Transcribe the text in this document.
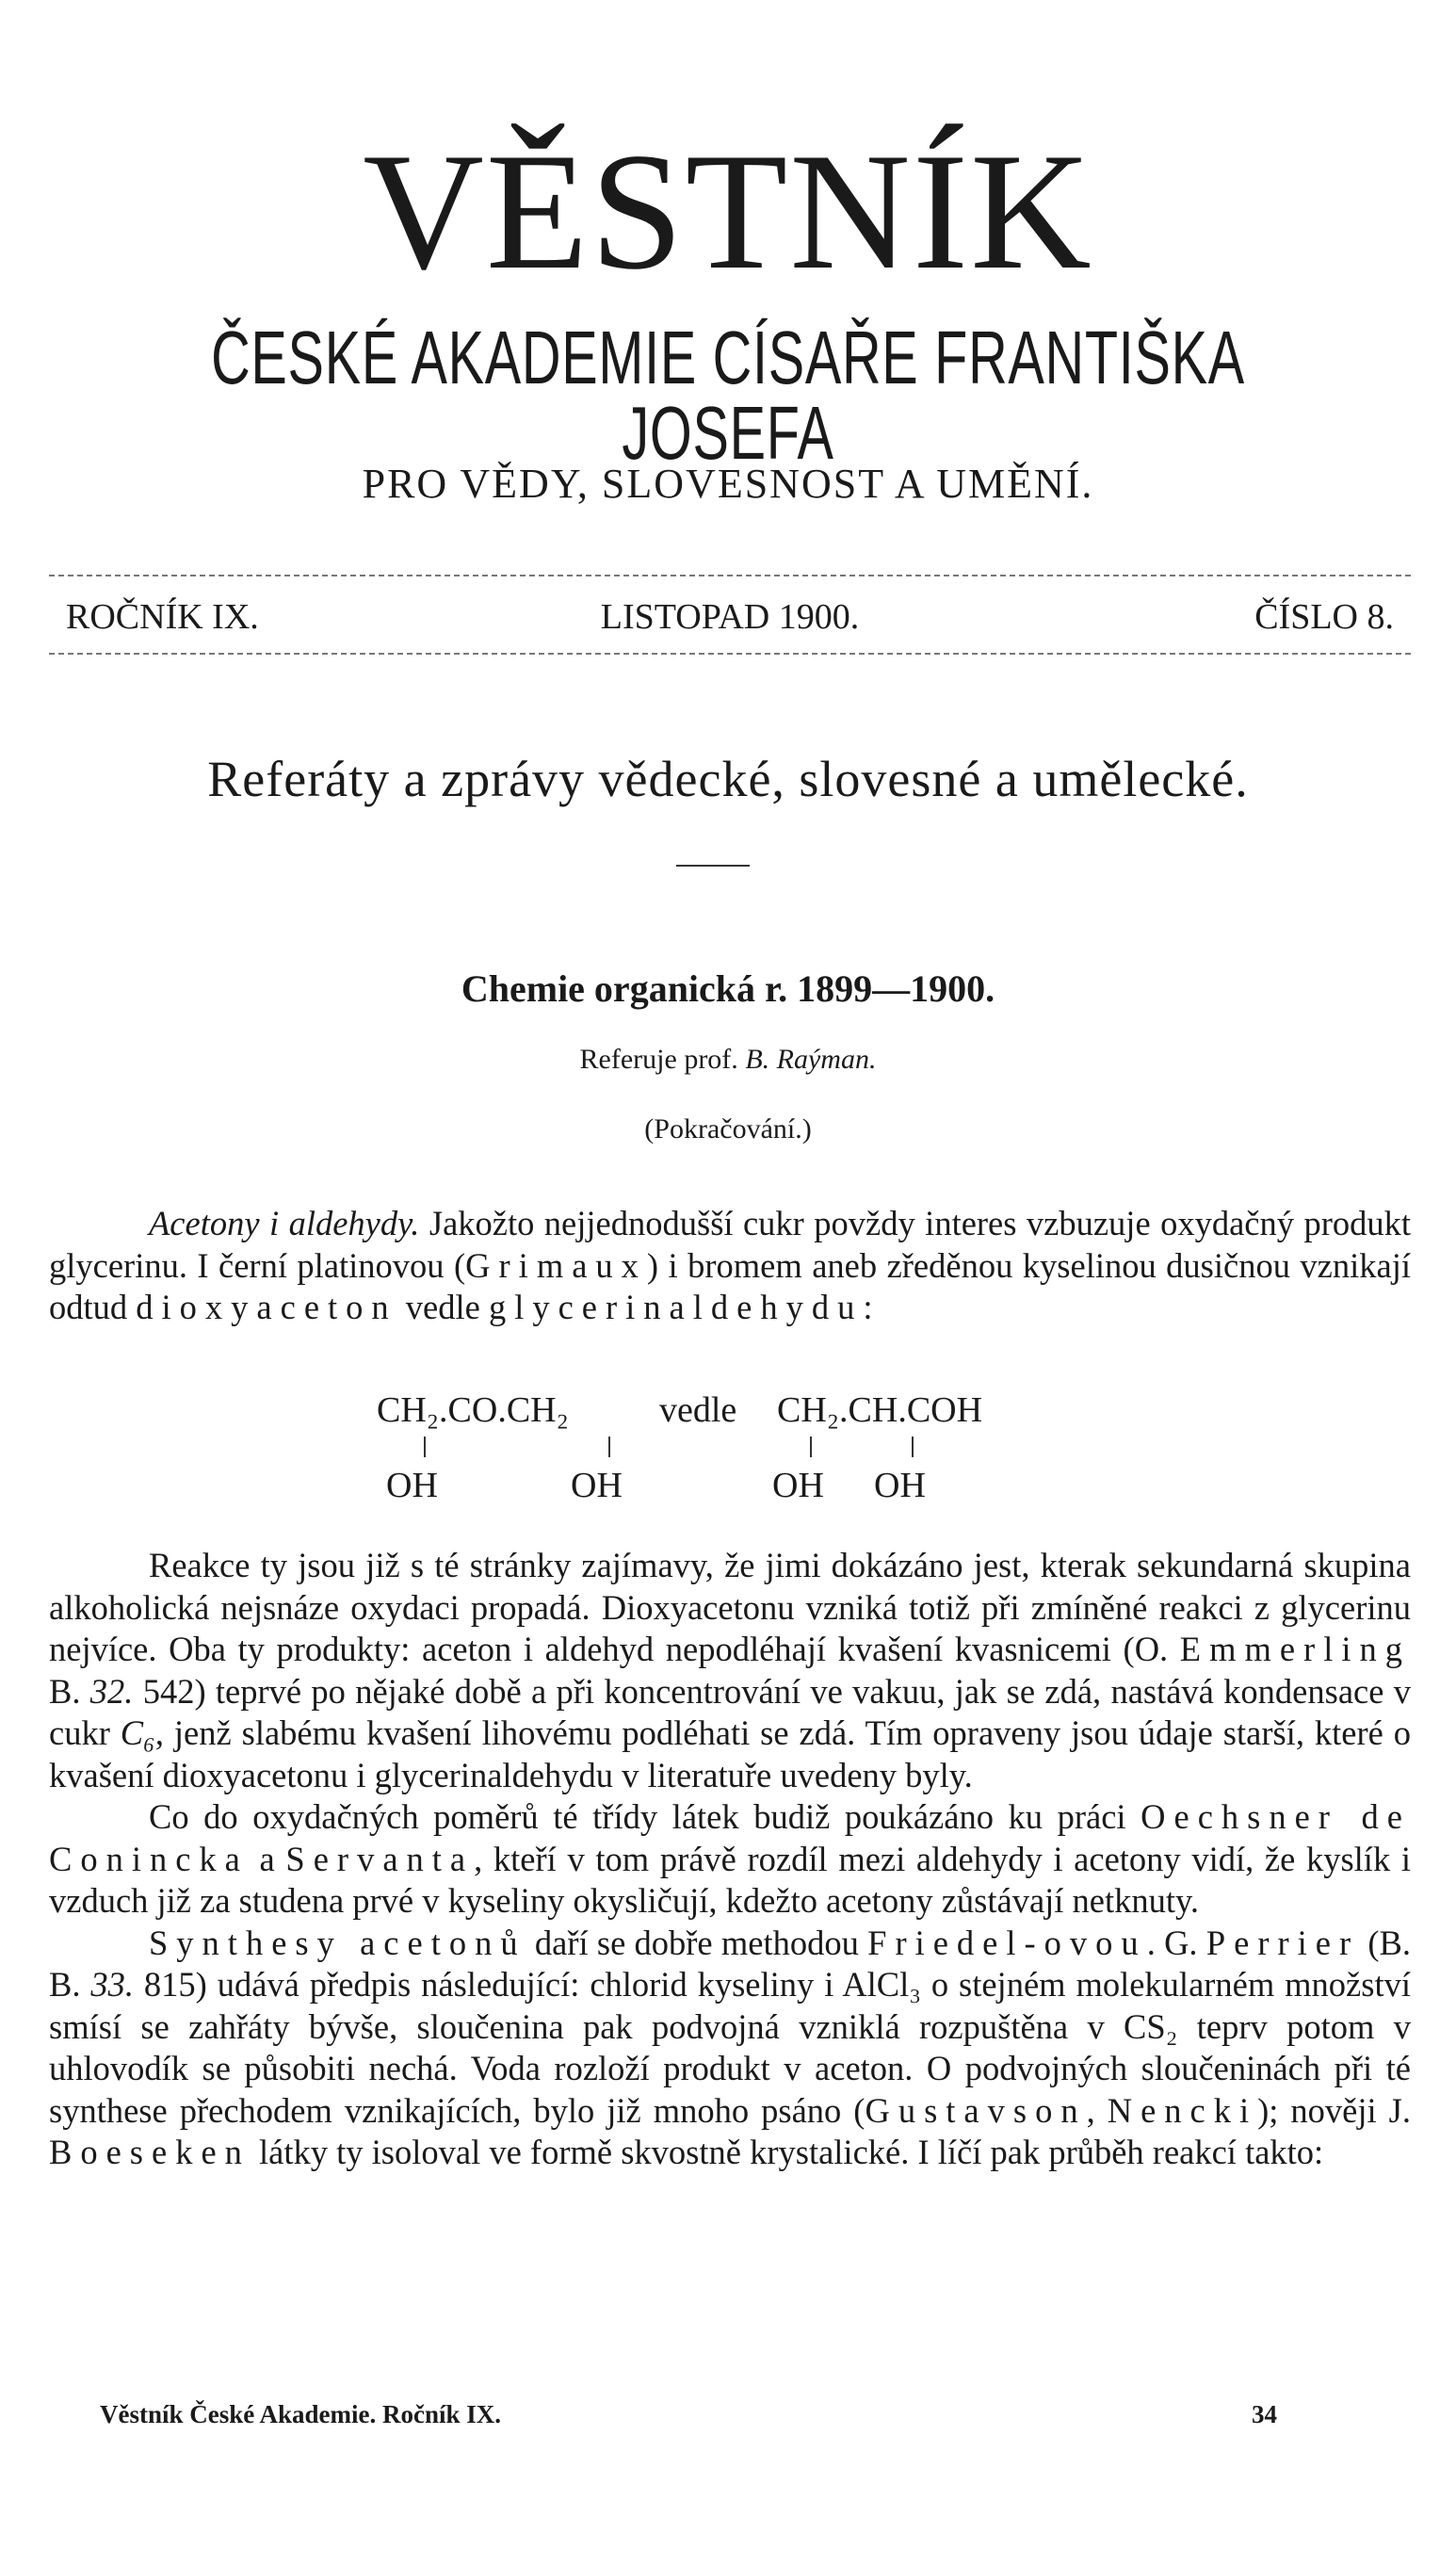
VĚSTNÍK
ČESKÉ AKADEMIE CÍSAŘE FRANTIŠKA JOSEFA
PRO VĚDY, SLOVESNOST A UMĚNÍ.
ROČNÍK IX.	LISTOPAD 1900.	ČÍSLO 8.
Referáty a zprávy vědecké, slovesné a umělecké.
Chemie organická r. 1899—1900.
Referuje prof. B. Raýman.
(Pokračování.)

Acetony i aldehydy. Jakožto nejjednodušší cukr povždy interes vzbuzuje oxydačný produkt glycerinu. I černí platinovou (Grimaux) i bromem aneb zředěnou kyselinou dusičnou vznikají odtud dioxyaceton vedle glycerinaldehydu:

CH₂.CO.CH₂	vedle CH₂.CH.COH
OH	OH	OH OH

Reakce ty jsou již s té stránky zajímavy, že jimi dokázáno jest, kterak sekundarná skupina alkoholická nejsnáze oxydaci propadá. Dioxyacetonu vzniká totiž při zmíněné reakci z glycerinu nejvíce. Oba ty produkty: aceton i aldehyd nepodléhají kvašení kvasnicemi (O. Emmerling B. 32. 542) teprvé po nějaké době a při koncentrování ve vakuu, jak se zdá, nastává kondensace v cukr C₆, jenž slabému kvašení lihovému podléhati se zdá. Tím opraveny jsou údaje starší, které o kvašení dioxyacetonu i glycerinaldehydu v literatuře uvedeny byly.

Co do oxydačných poměrů té třídy látek budiž poukázáno ku práci Oechsner de Conincka a Servanta, kteří v tom právě rozdíl mezi aldehydy i acetony vidí, že kyslík i vzduch již za studena prvé v kyseliny okysličují, kdežto acetony zůstávají netknuty.

Synthesy acetonů daří se dobře methodou Friedel-ovou. G. Perrier (B. B. 33. 815) udává předpis následující: chlorid kyseliny i AlCl₃ o stejném molekularném množství smísí se zahřáty bývše, sloučenina pak podvojná vzniklá rozpuštěna v CS₂ teprv potom v uhlovodík se působiti nechá. Voda rozloží produkt v aceton. O podvojných sloučeninách při té synthese přechodem vznikajících, bylo již mnoho psáno (Gustavson, Nencki); nověji J. Boeseken látky ty isoloval ve formě skvostně krystalické. I líčí pak průběh reakcí takto:

Věstník České Akademie. Ročník IX.	34
